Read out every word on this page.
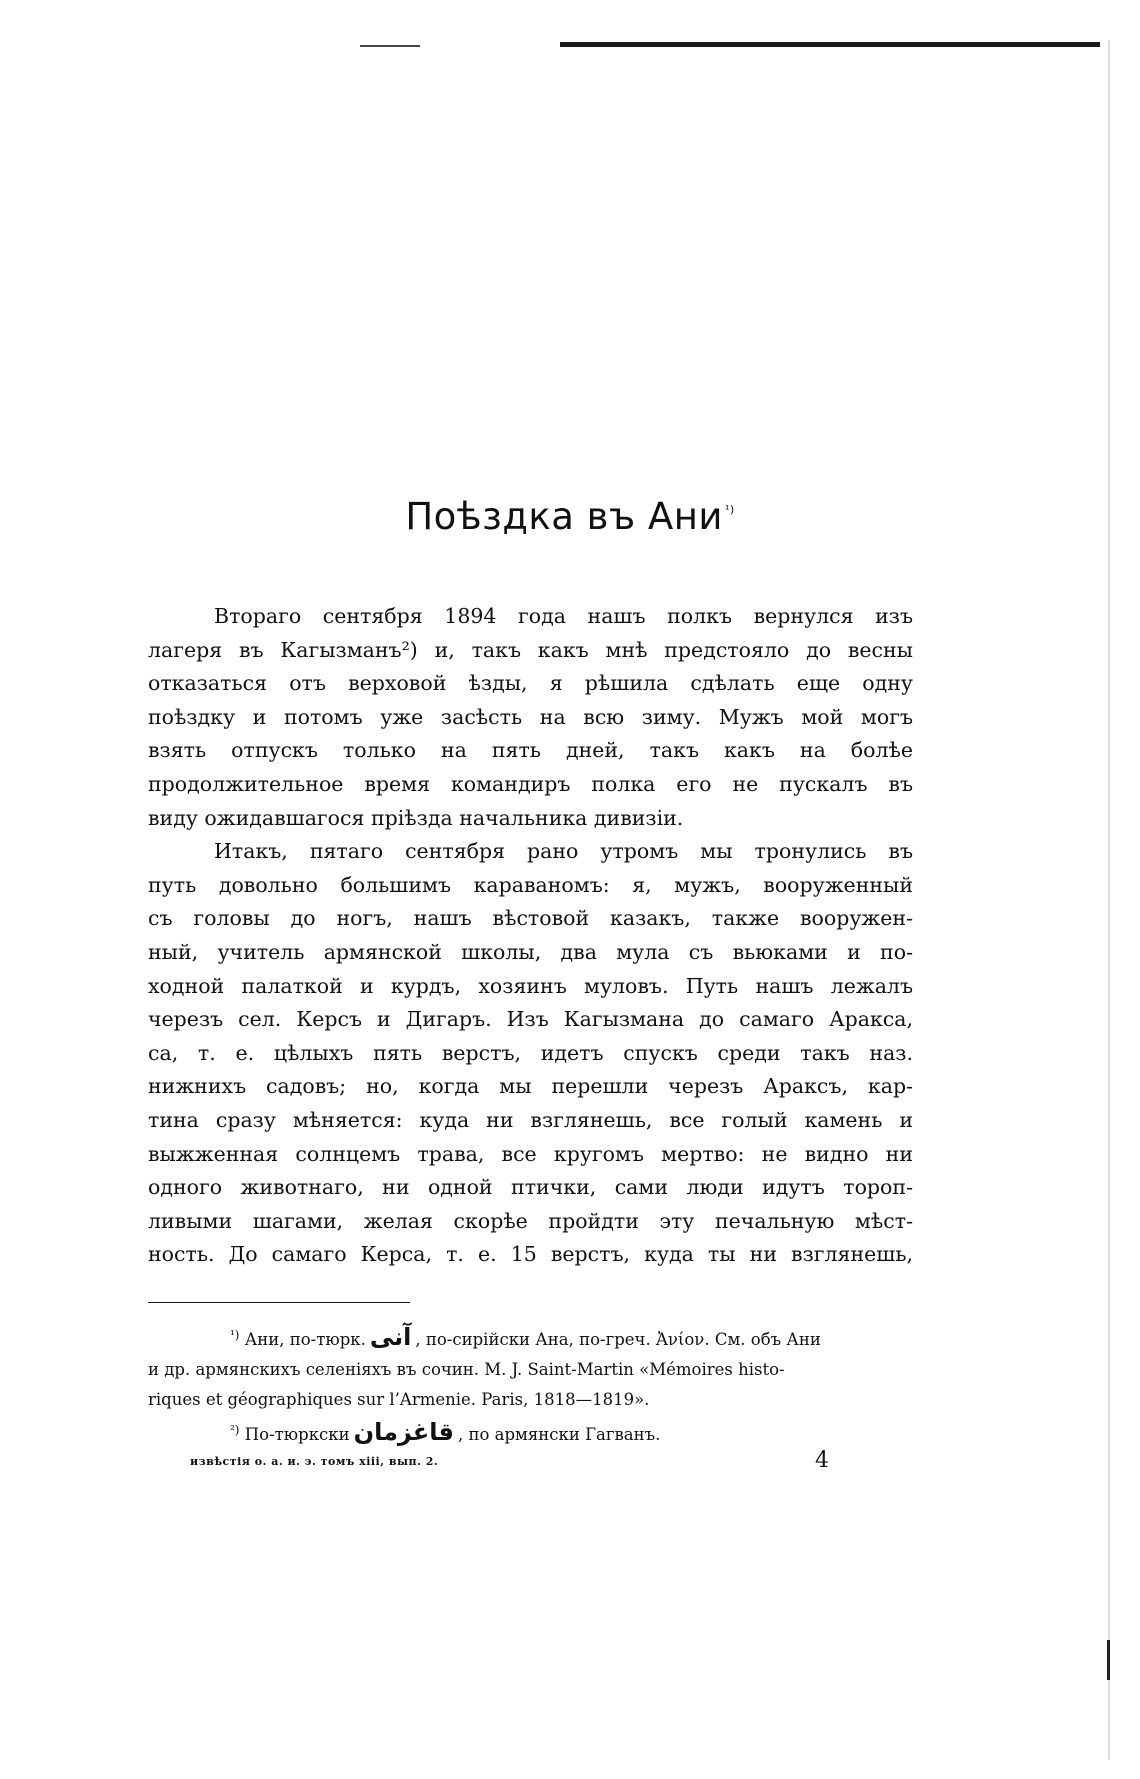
Поѣздка въ Ани $^{^1)}$
Втораго сентября 1894 года нашъ полкъ вернулся изъ
лагеря въ Кагызманъ²) и, такъ какъ мнѣ предстояло до весны
отказаться отъ верховой ѣзды, я рѣшила сдѣлать еще одну
поѣздку и потомъ уже засѣсть на всю зиму. Мужъ мой могъ
взять отпускъ только на пять дней, такъ какъ на болѣе
продолжительное время командиръ полка его не пускалъ въ
виду ожидавшагося пріѣзда начальника дивизіи.
Итакъ, пятаго сентября рано утромъ мы тронулись въ
путь довольно большимъ караваномъ: я, мужъ, вооруженный
съ головы до ногъ, нашъ вѣстовой казакъ, также вооружен-
ный, учитель армянской школы, два мула съ вьюками и по-
ходной палаткой и курдъ, хозяинъ муловъ. Путь нашъ лежалъ
черезъ сел. Керсъ и Дигаръ. Изъ Кагызмана до самаго Аракса,
са, т. е. цѣлыхъ пять верстъ, идетъ спускъ среди такъ наз.
нижнихъ садовъ; но, когда мы перешли черезъ Араксъ, кар-
тина сразу мѣняется: куда ни взглянешь, все голый камень и
выжженная солнцемъ трава, все кругомъ мертво: не видно ни
одного животнаго, ни одной птички, сами люди идутъ тороп-
ливыми шагами, желая скорѣе пройдти эту печальную мѣст-
ность. До самаго Керса, т. е. 15 верстъ, куда ты ни взглянешь,
$^{^1)}$ Ани, по-тюрк. آنی , по-сирійски Ана, по-греч. Ἀνίον. См. объ Ани
и др. армянскихъ селеніяхъ въ сочин. M. J. Saint-Martin «Mémoires histo-
riques et géographiques sur l’Armenie. Paris, 1818—1819».
$^{^2)}$ По-тюркски قاغزمان , по армянски Гагванъ.
извѣстія о. а. и. э. томъ xiii, вып. 2.	4
